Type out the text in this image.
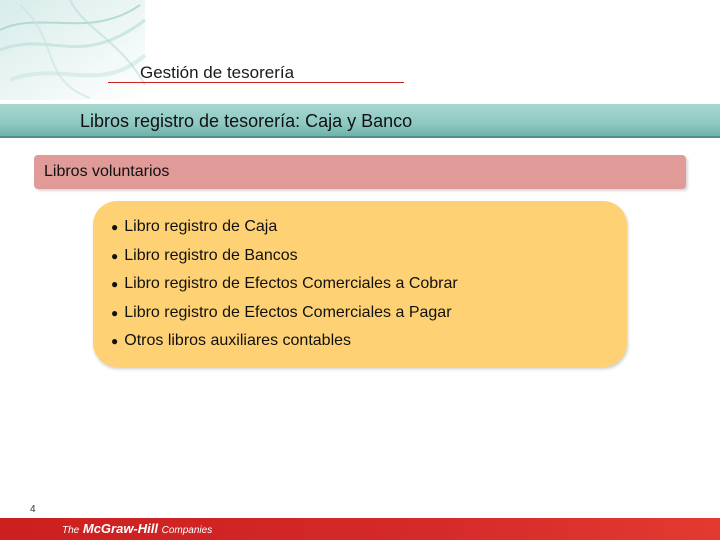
Gestión de tesorería
Libros registro de tesorería: Caja y Banco
Libros voluntarios
● Libro registro de Caja
● Libro registro de Bancos
● Libro registro de Efectos Comerciales a Cobrar
● Libro registro de Efectos Comerciales a Pagar
● Otros libros auxiliares contables
4
The McGraw-Hill Companies
